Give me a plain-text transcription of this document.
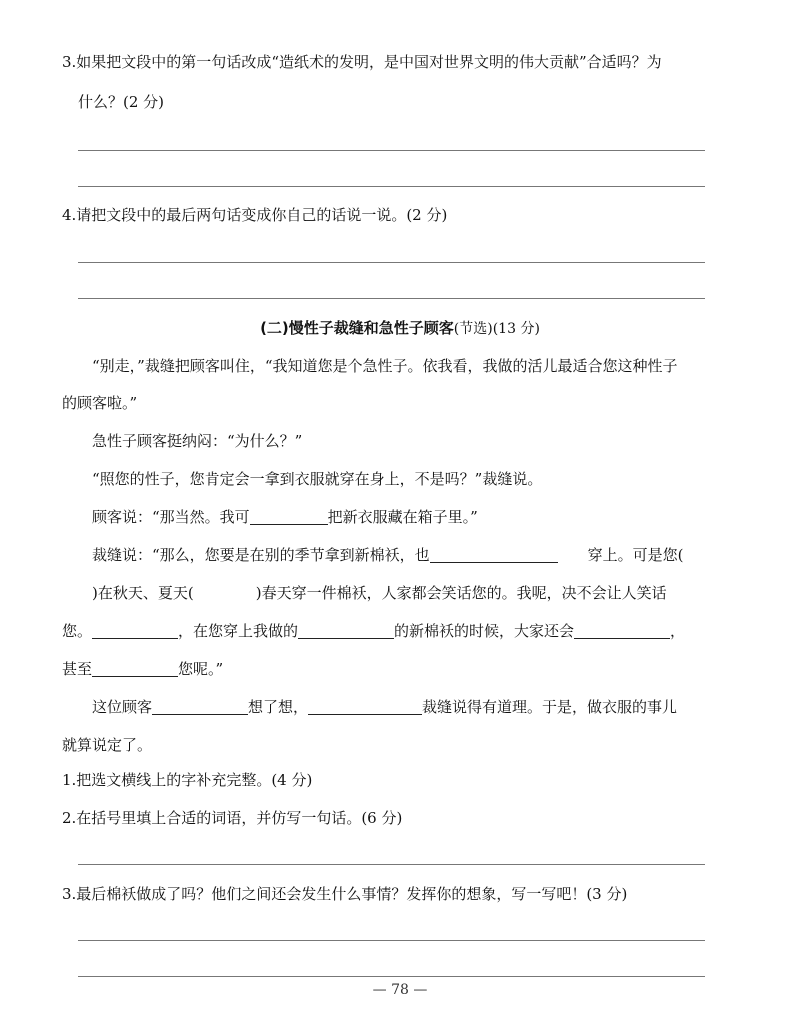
3.如果把文段中的第一句话改成“造纸术的发明，是中国对世界文明的伟大贡献”合适吗？为
什么？(2 分)
4.请把文段中的最后两句话变成你自己的话说一说。(2 分)
(二)慢性子裁缝和急性子顾客(节选)(13 分)
“别走，”裁缝把顾客叫住，“我知道您是个急性子。依我看，我做的活儿最适合您这种性子
的顾客啦。”
急性子顾客挺纳闷：“为什么？”
“照您的性子，您肯定会一拿到衣服就穿在身上，不是吗？”裁缝说。
顾客说：“那当然。我可	把新衣服藏在箱子里。”
裁缝说：“那么，您要是在别的季节拿到新棉袄，也	穿上。可是您(
)在秋天、夏天(	)春天穿一件棉袄，人家都会笑话您的。我呢，决不会让人笑话
您。	，在您穿上我做的	的新棉袄的时候，大家还会	，
甚至	您呢。”
这位顾客	想了想，	裁缝说得有道理。于是，做衣服的事儿
就算说定了。
1.把选文横线上的字补充完整。(4 分)
2.在括号里填上合适的词语，并仿写一句话。(6 分)
3.最后棉袄做成了吗？他们之间还会发生什么事情？发挥你的想象，写一写吧！(3 分)
— 78 —
